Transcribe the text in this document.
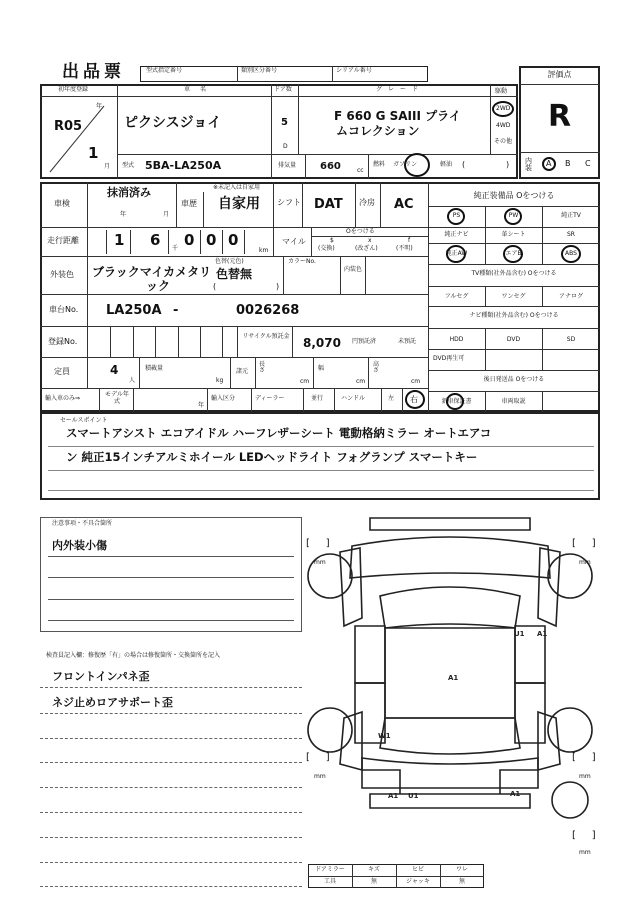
出品票	型式指定番号	類別区分番号	シリアル番号	評価点
R
内装 A B C
初年度登録
R05
年
1
月
車名
ピクシスジョイ
ドア数
5
D
グレード
F 660 G SAIII プライ
ムコレクション
駆動
2WD
4WD
その他
型式 5BA-LA250A	排気量 660	cc
燃料 ガソリン	軽油 (	)
車検
抹消済み
年	月
※未記入は自家用
車歴 自家用 シフト DAT 冷房 AC
走行距離 1 6 千 0 0 0
km
マイル
Oをつける
$	x	f
(交換)	(改ざん)	(不明)
外装色 ブラックマイカメタリ
ック
色替(元色)
色替無
(	)
カラーNo.
内装色
車台No. LA250A -	0026268
登録No.
リサイクル預託金 8,070 円預託済	未預託
定員	4
人
積載量
kg
諸元
長さ
cm
幅
cm
高さ
cm
輸入車のみ⇒
モデル年式
年
輸入区分	ディーラー	並行	ハンドル	左 右
純正装備品 Oをつける
PS	PW	純正TV
純正ナビ	革シート	SR
純正AW	エアB	ABS
TV種類(社外品含む) Oをつける
フルセグ	ワンセグ	アナログ
ナビ種類(社外品含む) Oをつける
HDD	DVD	SD
DVD再生可
後日発送品 Oをつける
新車保証書	車両取説
セールスポイント
スマートアシスト エコアイドル ハーフレザーシート 電動格納ミラー オートエアコ
ン 純正15インチアルミホイール LEDヘッドライト フォグランプ スマートキー
注意事項・不具合箇所
内外装小傷
検査員記入欄：修復歴「有」の場合は修復箇所・交換箇所を記入
フロントインパネ歪
ネジ止めロアサポート歪
U1 A1
A1
W1
A1 U1	A1
mm
[     ]
mm
[     ]
mm
[     ]
mm
[     ]
mm
[     ]
ドアミラー	キズ	ヒビ	ワレ
工具	無	ジャッキ	無
